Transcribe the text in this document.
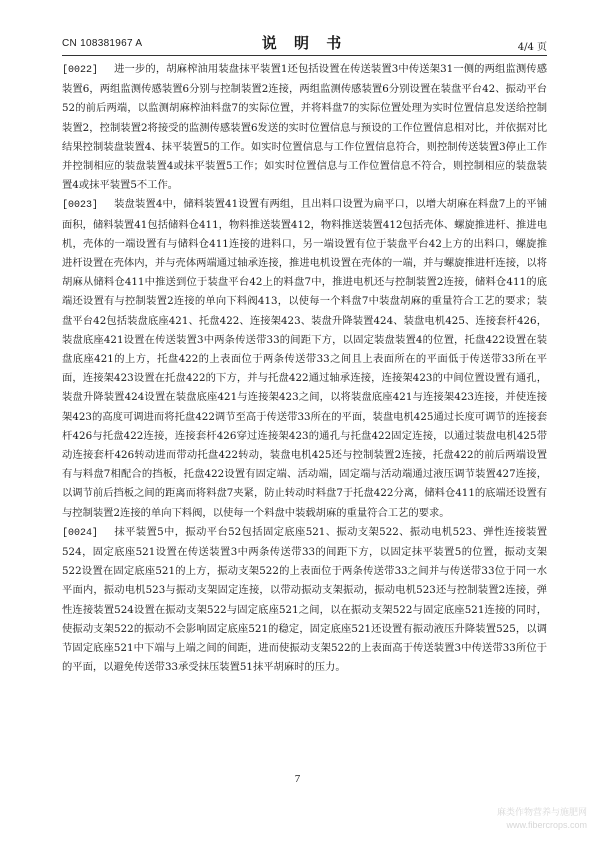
CN 108381967 A	说 明 书	4/4 页

[0022] 进一步的，胡麻榨油用装盘抹平装置1还包括设置在传送装置3中传送架31一侧的两组监测传感装置6，两组监测传感装置6分别与控制装置2连接，两组监测传感装置6分别设置在装盘平台42、振动平台52的前后两端，以监测胡麻榨油料盘7的实际位置，并将料盘7的实际位置处理为实时位置信息发送给控制装置2，控制装置2将接受的监测传感装置6发送的实时位置信息与预设的工作位置信息相对比，并依据对比结果控制装盘装置4、抹平装置5的工作。如实时位置信息与工作位置信息符合，则控制传送装置3停止工作并控制相应的装盘装置4或抹平装置5工作；如实时位置信息与工作位置信息不符合，则控制相应的装盘装置4或抹平装置5不工作。

[0023] 装盘装置4中，储料装置41设置有两组，且出料口设置为扁平口，以增大胡麻在料盘7上的平铺面积，储料装置41包括储料仓411，物料推送装置412，物料推送装置412包括壳体、螺旋推进杆、推进电机，壳体的一端设置有与储料仓411连接的进料口，另一端设置有位于装盘平台42上方的出料口，螺旋推进杆设置在壳体内，并与壳体两端通过轴承连接，推进电机设置在壳体的一端，并与螺旋推进杆连接，以将胡麻从储料仓411中推送到位于装盘平台42上的料盘7中，推进电机还与控制装置2连接，储料仓411的底端还设置有与控制装置2连接的单向下料阀413，以使每一个料盘7中装盘胡麻的重量符合工艺的要求；装盘平台42包括装盘底座421、托盘422、连接架423、装盘升降装置424、装盘电机425、连接套杆426，装盘底座421设置在传送装置3中两条传送带33的间距下方，以固定装盘装置4的位置，托盘422设置在装盘底座421的上方，托盘422的上表面位于两条传送带33之间且上表面所在的平面低于传送带33所在平面，连接架423设置在托盘422的下方，并与托盘422通过轴承连接，连接架423的中间位置设置有通孔，装盘升降装置424设置在装盘底座421与连接架423之间，以将装盘底座421与连接架423连接，并使连接架423的高度可调进而将托盘422调节至高于传送带33所在的平面，装盘电机425通过长度可调节的连接套杆426与托盘422连接，连接套杆426穿过连接架423的通孔与托盘422固定连接，以通过装盘电机425带动连接套杆426转动进而带动托盘422转动，装盘电机425还与控制装置2连接，托盘422的前后两端设置有与料盘7相配合的挡板，托盘422设置有固定端、活动端，固定端与活动端通过液压调节装置427连接，以调节前后挡板之间的距离而将料盘7夹紧，防止转动时料盘7于托盘422分离，储料仓411的底端还设置有与控制装置2连接的单向下料阀，以使每一个料盘中装载胡麻的重量符合工艺的要求。

[0024] 抹平装置5中，振动平台52包括固定底座521、振动支架522、振动电机523、弹性连接装置524，固定底座521设置在传送装置3中两条传送带33的间距下方，以固定抹平装置5的位置，振动支架522设置在固定底座521的上方，振动支架522的上表面位于两条传送带33之间并与传送带33位于同一水平面内，振动电机523与振动支架固定连接，以带动振动支架振动，振动电机523还与控制装置2连接，弹性连接装置524设置在振动支架522与固定底座521之间，以在振动支架522与固定底座521连接的同时，使振动支架522的振动不会影响固定底座521的稳定，固定底座521还设置有振动液压升降装置525，以调节固定底座521中下端与上端之间的间距，进而使振动支架522的上表面高于传送装置3中传送带33所位于的平面，以避免传送带33承受抹压装置51抹平胡麻时的压力。

7
麻类作物营养与施肥网
www.fibercrops.com
